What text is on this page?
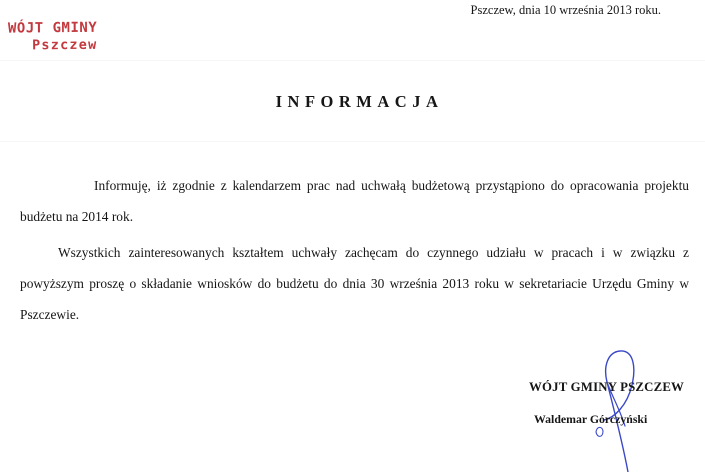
WÓJT GMINY
Pszczew
Pszczew, dnia 10 września 2013 roku.
INFORMACJA

Informuję, iż zgodnie z kalendarzem prac nad uchwałą budżetową przystąpiono do opracowania projektu budżetu na 2014 rok.

Wszystkich zainteresowanych kształtem uchwały zachęcam do czynnego udziału w pracach i w związku z powyższym proszę o składanie wniosków do budżetu do dnia 30 września 2013 roku w sekretariacie Urzędu Gminy w Pszczewie.

WÓJT GMINY PSZCZEW
Waldemar Górczyński
